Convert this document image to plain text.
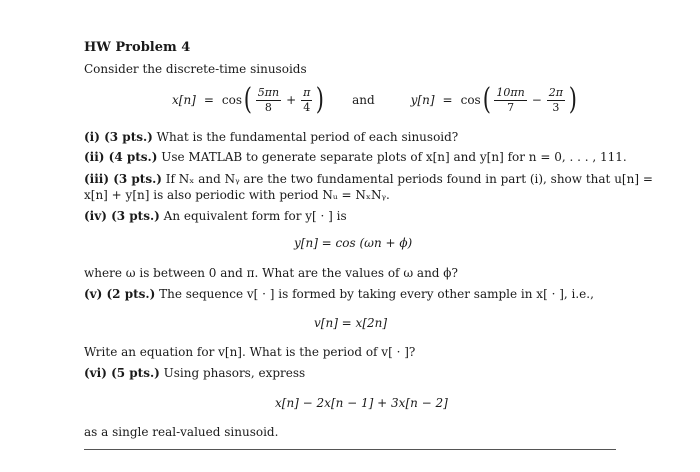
HW Problem 4
Consider the discrete-time sinusoids
x[n] = cos ( $\frac{5\pi n}{8} + \frac{\pi}{4}$ ) and	y[n] = cos ( $\frac{10\pi n}{7} - \frac{2\pi}{3}$ )
(i) (3 pts.) What is the fundamental period of each sinusoid?
(ii) (4 pts.) Use MATLAB to generate separate plots of x[n] and y[n] for n = 0, . . . , 111.
(iii) (3 pts.) If Nₓ and Nᵧ are the two fundamental periods found in part (i), show that u[n] =
x[n] + y[n] is also periodic with period Nᵤ = NₓNᵧ.
(iv) (3 pts.) An equivalent form for y[ · ] is
y[n] = cos (ωn + ϕ)
where ω is between 0 and π. What are the values of ω and ϕ?
(v) (2 pts.) The sequence v[ · ] is formed by taking every other sample in x[ · ], i.e.,
v[n] = x[2n]
Write an equation for v[n]. What is the period of v[ · ]?
(vi) (5 pts.) Using phasors, express
x[n] − 2x[n − 1] + 3x[n − 2]
as a single real-valued sinusoid.
